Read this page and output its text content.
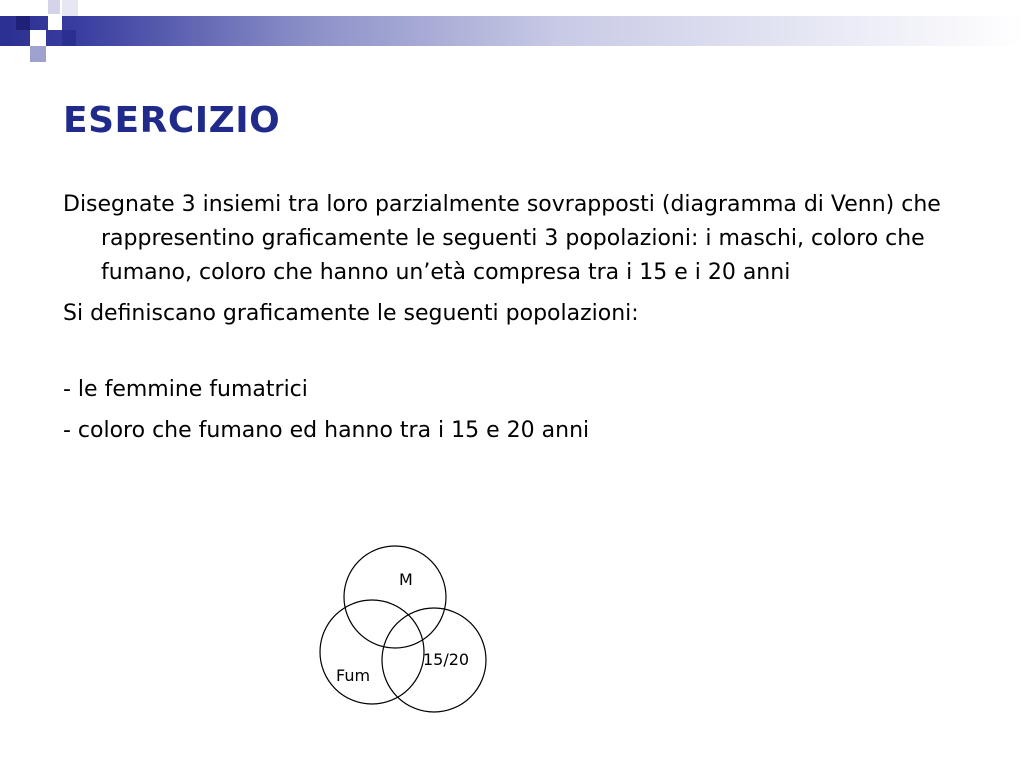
ESERCIZIO

Disegnate 3 insiemi tra loro parzialmente sovrapposti (diagramma di Venn) che rappresentino graficamente le seguenti 3 popolazioni: i maschi, coloro che fumano, coloro che hanno un’età compresa tra i 15 e i 20 anni

Si definiscano graficamente le seguenti popolazioni:

- le femmine fumatrici

- coloro che fumano ed hanno tra i 15 e 20 anni

M
Fum
15/20
